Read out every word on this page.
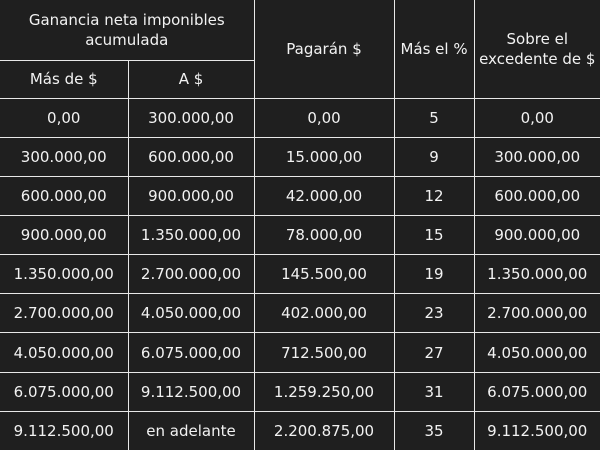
Ganancia neta imponibles acumulada		Pagarán $	Más el %	Sobre el excedente de $
Más de $	A $			
0,00	300.000,00	0,00	5	0,00
300.000,00	600.000,00	15.000,00	9	300.000,00
600.000,00	900.000,00	42.000,00	12	600.000,00
900.000,00	1.350.000,00	78.000,00	15	900.000,00
1.350.000,00	2.700.000,00	145.500,00	19	1.350.000,00
2.700.000,00	4.050.000,00	402.000,00	23	2.700.000,00
4.050.000,00	6.075.000,00	712.500,00	27	4.050.000,00
6.075.000,00	9.112.500,00	1.259.250,00	31	6.075.000,00
9.112.500,00	en adelante	2.200.875,00	35	9.112.500,00
